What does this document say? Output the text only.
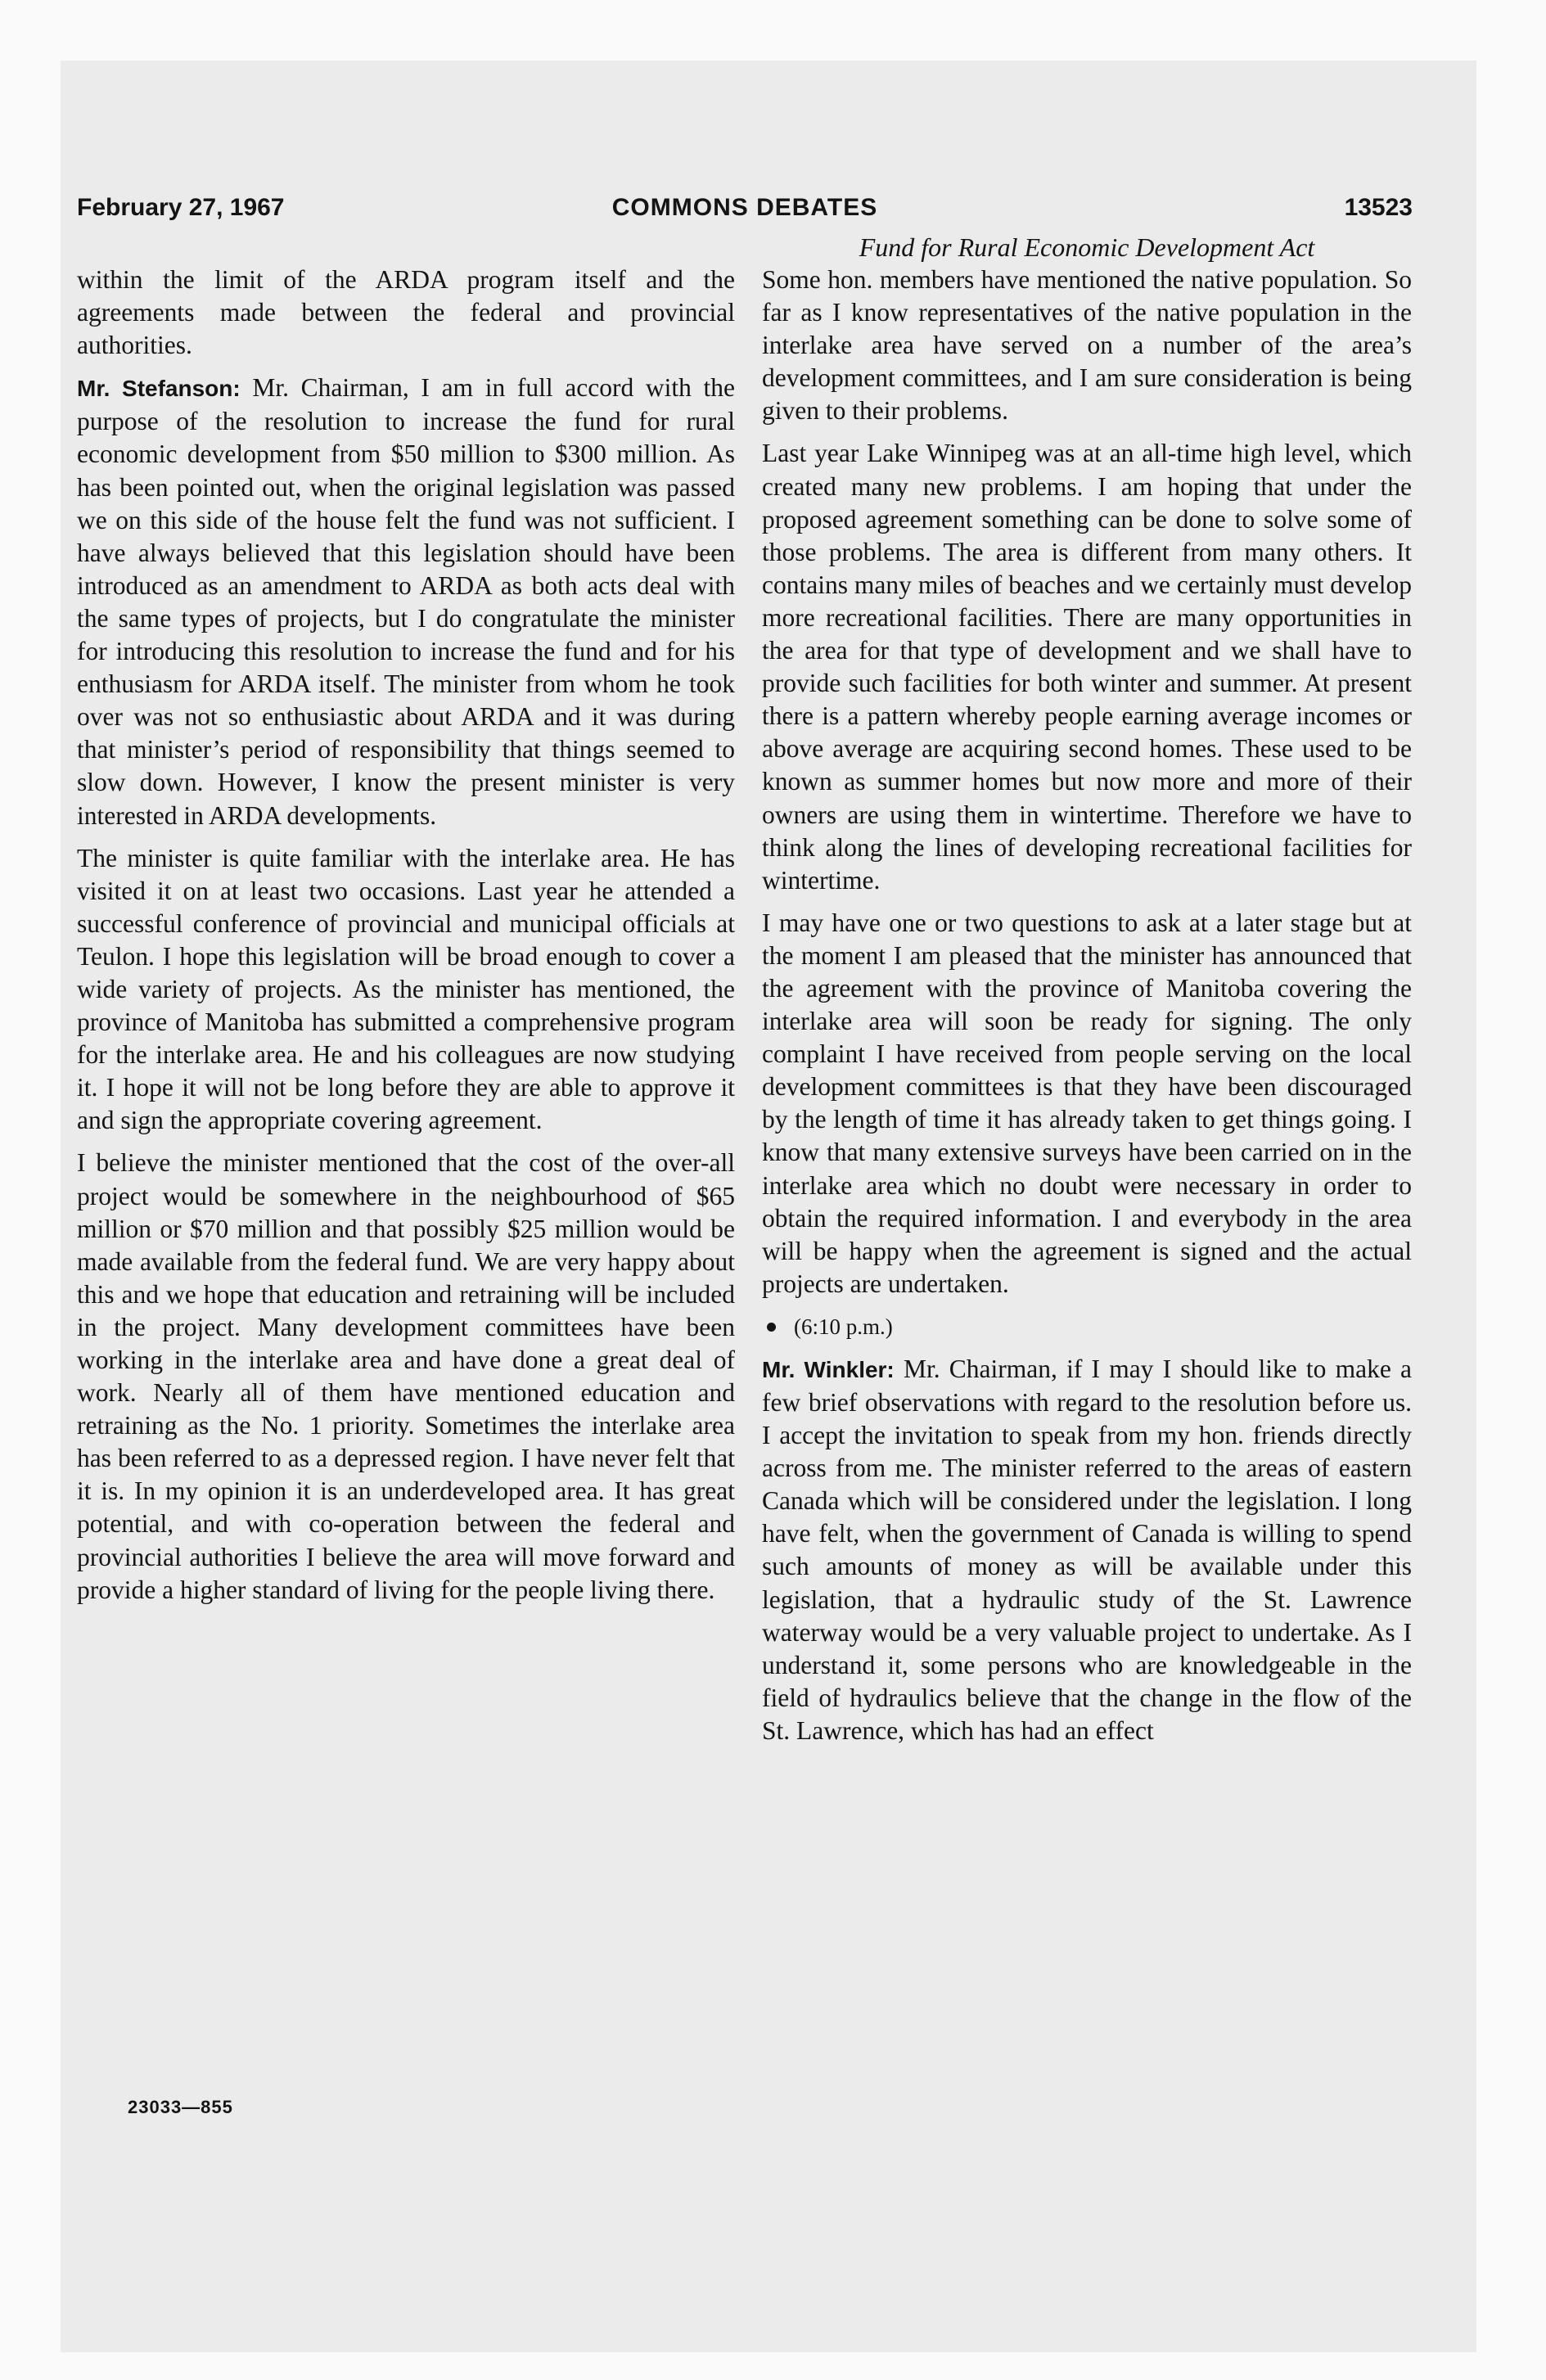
February 27, 1967	COMMONS DEBATES	13523

within the limit of the ARDA program itself and the agreements made between the federal and provincial authorities.

Mr. Stefanson: Mr. Chairman, I am in full accord with the purpose of the resolution to increase the fund for rural economic development from $50 million to $300 million. As has been pointed out, when the original legislation was passed we on this side of the house felt the fund was not sufficient. I have always believed that this legislation should have been introduced as an amendment to ARDA as both acts deal with the same types of projects, but I do congratulate the minister for introducing this resolution to increase the fund and for his enthusiasm for ARDA itself. The minister from whom he took over was not so enthusiastic about ARDA and it was during that minister’s period of responsibility that things seemed to slow down. However, I know the present minister is very interested in ARDA developments.

The minister is quite familiar with the interlake area. He has visited it on at least two occasions. Last year he attended a successful conference of provincial and municipal officials at Teulon. I hope this legislation will be broad enough to cover a wide variety of projects. As the minister has mentioned, the province of Manitoba has submitted a comprehensive program for the interlake area. He and his colleagues are now studying it. I hope it will not be long before they are able to approve it and sign the appropriate covering agreement.

I believe the minister mentioned that the cost of the over-all project would be somewhere in the neighbourhood of $65 million or $70 million and that possibly $25 million would be made available from the federal fund. We are very happy about this and we hope that education and retraining will be included in the project. Many development committees have been working in the interlake area and have done a great deal of work. Nearly all of them have mentioned education and retraining as the No. 1 priority. Sometimes the interlake area has been referred to as a depressed region. I have never felt that it is. In my opinion it is an underdeveloped area. It has great potential, and with co-operation between the federal and provincial authorities I believe the area will move forward and provide a higher standard of living for the people living there.

Fund for Rural Economic Development Act

Some hon. members have mentioned the native population. So far as I know representatives of the native population in the interlake area have served on a number of the area’s development committees, and I am sure consideration is being given to their problems.

Last year Lake Winnipeg was at an all-time high level, which created many new problems. I am hoping that under the proposed agreement something can be done to solve some of those problems. The area is different from many others. It contains many miles of beaches and we certainly must develop more recreational facilities. There are many opportunities in the area for that type of development and we shall have to provide such facilities for both winter and summer. At present there is a pattern whereby people earning average incomes or above average are acquiring second homes. These used to be known as summer homes but now more and more of their owners are using them in wintertime. Therefore we have to think along the lines of developing recreational facilities for wintertime.

I may have one or two questions to ask at a later stage but at the moment I am pleased that the minister has announced that the agreement with the province of Manitoba covering the interlake area will soon be ready for signing. The only complaint I have received from people serving on the local development committees is that they have been discouraged by the length of time it has already taken to get things going. I know that many extensive surveys have been carried on in the interlake area which no doubt were necessary in order to obtain the required information. I and everybody in the area will be happy when the agreement is signed and the actual projects are undertaken.

(6:10 p.m.)

Mr. Winkler: Mr. Chairman, if I may I should like to make a few brief observations with regard to the resolution before us. I accept the invitation to speak from my hon. friends directly across from me. The minister referred to the areas of eastern Canada which will be considered under the legislation. I long have felt, when the government of Canada is willing to spend such amounts of money as will be available under this legislation, that a hydraulic study of the St. Lawrence waterway would be a very valuable project to undertake. As I understand it, some persons who are knowledgeable in the field of hydraulics believe that the change in the flow of the St. Lawrence, which has had an effect

23033—855
